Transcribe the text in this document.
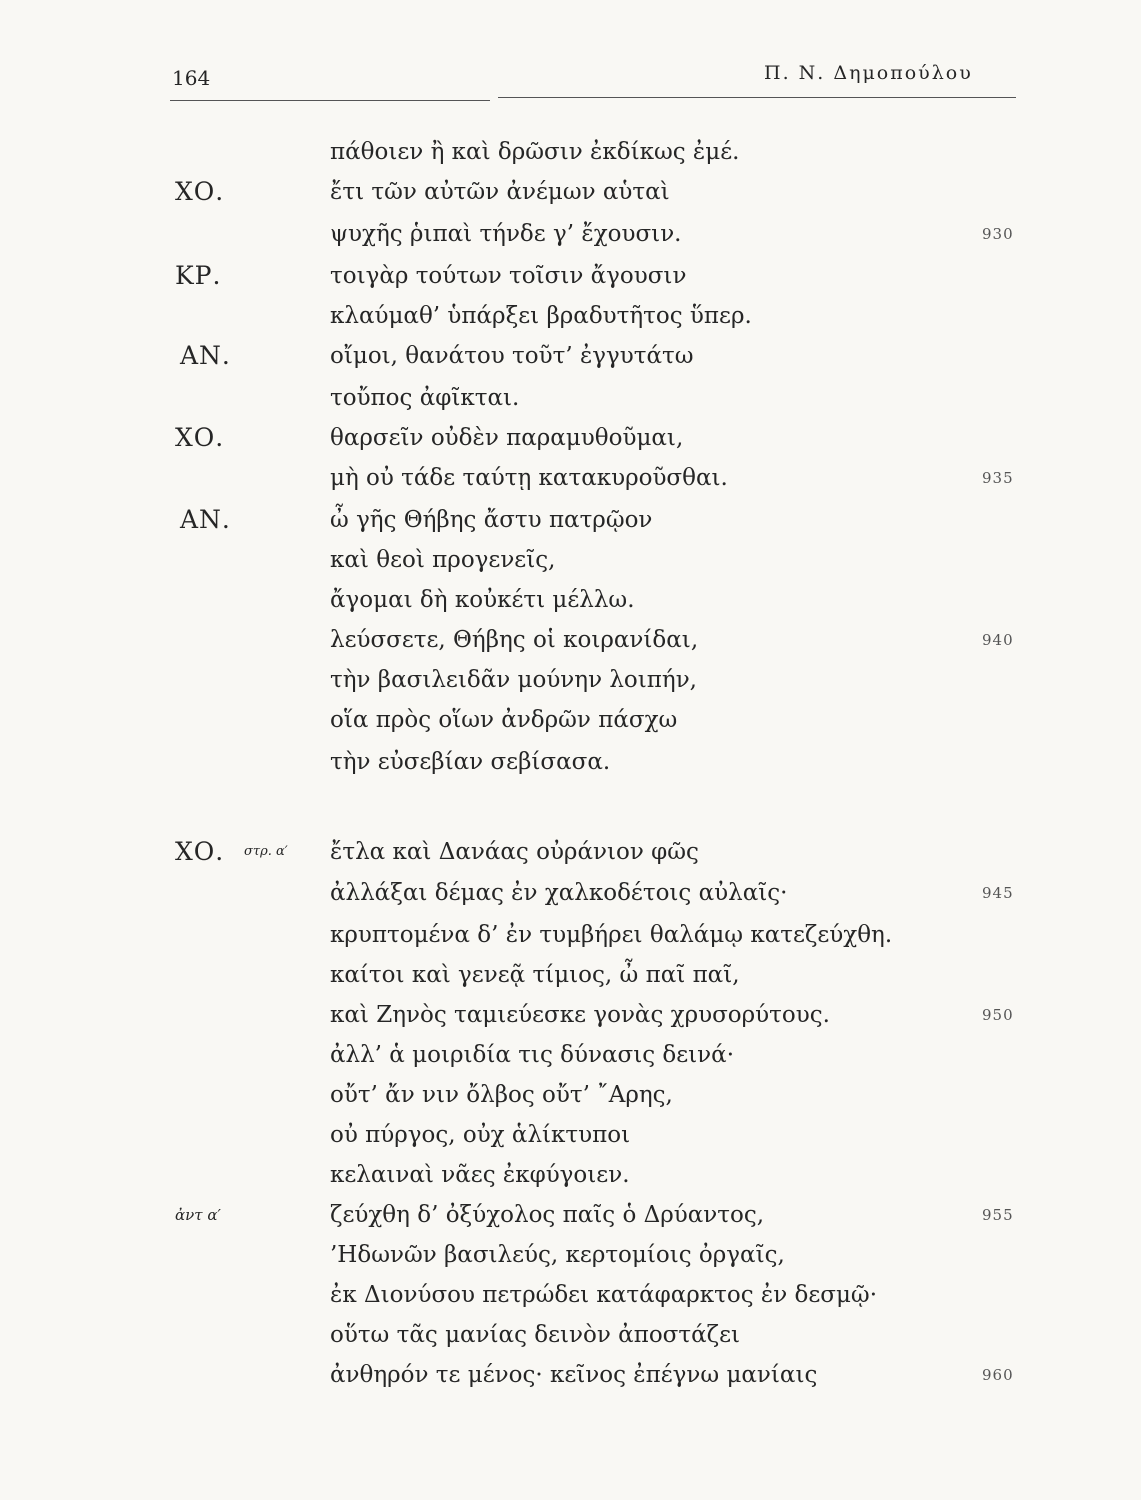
164	Π. Ν. Δημοπούλου
πάθοιεν ἢ καὶ δρῶσιν ἐκδίκως ἐμέ.
ΧΟ.	ἔτι τῶν αὐτῶν ἀνέμων αὑταὶ
ψυχῆς ῥιπαὶ τήνδε γ’ ἔχουσιν.	930
ΚΡ.	τοιγὰρ τούτων τοῖσιν ἄγουσιν
κλαύμαθ’ ὑπάρξει βραδυτῆτος ὕπερ.
ΑΝ.	οἴμοι, θανάτου τοῦτ’ ἐγγυτάτω
τοὔπος ἀφῖκται.
ΧΟ.	θαρσεῖν οὐδὲν παραμυθοῦμαι,
μὴ οὐ τάδε ταύτῃ κατακυροῦσθαι.	935
ΑΝ.	ὦ γῆς Θήβης ἄστυ πατρῷον
καὶ θεοὶ προγενεῖς,
ἄγομαι δὴ κοὐκέτι μέλλω.
λεύσσετε, Θήβης οἱ κοιρανίδαι,	940
τὴν βασιλειδᾶν μούνην λοιπήν,
οἵα πρὸς οἵων ἀνδρῶν πάσχω
τὴν εὐσεβίαν σεβίσασα.
ΧΟ. στρ. α′ ἔτλα καὶ Δανάας οὐράνιον φῶς
ἀλλάξαι δέμας ἐν χαλκοδέτοις αὐλαῖς·	945
κρυπτομένα δ’ ἐν τυμβήρει θαλάμῳ κατεζεύχθη.
καίτοι καὶ γενεᾷ τίμιος, ὦ παῖ παῖ,
καὶ Ζηνὸς ταμιεύεσκε γονὰς χρυσορύτους.	950
ἀλλ’ ἁ μοιριδία τις δύνασις δεινά·
οὔτ’ ἄν νιν ὄλβος οὔτ’ ῎Αρης,
οὐ πύργος, οὐχ ἁλίκτυποι
κελαιναὶ νᾶες ἐκφύγοιεν.
ἀντ α′	ζεύχθη δ’ ὀξύχολος παῖς ὁ Δρύαντος,	955
’Ηδωνῶν βασιλεύς, κερτομίοις ὀργαῖς,
ἐκ Διονύσου πετρώδει κατάφαρκτος ἐν δεσμῷ·
οὕτω τᾶς μανίας δεινὸν ἀποστάζει
ἀνθηρόν τε μένος· κεῖνος ἐπέγνω μανίαις	960
